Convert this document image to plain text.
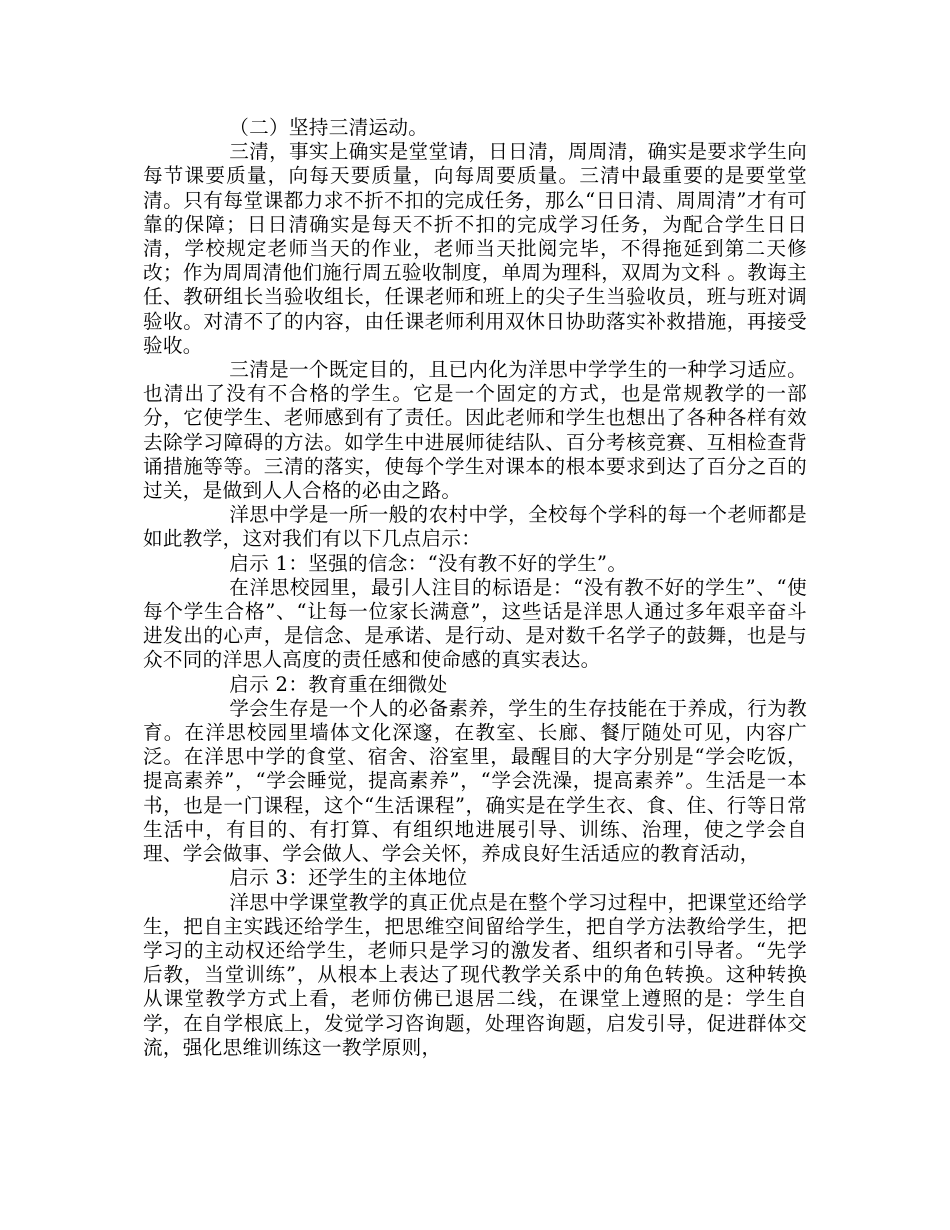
（二）坚持三清运动。

三清，事实上确实是堂堂请，日日清，周周清，确实是要求学生向每节课要质量，向每天要质量，向每周要质量。三清中最重要的是要堂堂清。只有每堂课都力求不折不扣的完成任务，那么“日日清、周周清”才有可靠的保障；日日清确实是每天不折不扣的完成学习任务，为配合学生日日清，学校规定老师当天的作业，老师当天批阅完毕，不得拖延到第二天修改；作为周周清他们施行周五验收制度，单周为理科，双周为文科 。教诲主任、教研组长当验收组长，任课老师和班上的尖子生当验收员，班与班对调验收。对清不了的内容，由任课老师利用双休日协助落实补救措施，再接受验收。

三清是一个既定目的，且已内化为洋思中学学生的一种学习适应。也清出了没有不合格的学生。它是一个固定的方式，也是常规教学的一部分，它使学生、老师感到有了责任。因此老师和学生也想出了各种各样有效去除学习障碍的方法。如学生中进展师徒结队、百分考核竞赛、互相检查背诵措施等等。三清的落实，使每个学生对课本的根本要求到达了百分之百的过关，是做到人人合格的必由之路。

洋思中学是一所一般的农村中学，全校每个学科的每一个老师都是如此教学，这对我们有以下几点启示：

启示 1：坚强的信念：“没有教不好的学生”。

在洋思校园里，最引人注目的标语是：“没有教不好的学生”、“使每个学生合格”、“让每一位家长满意”，这些话是洋思人通过多年艰辛奋斗进发出的心声，是信念、是承诺、是行动、是对数千名学子的鼓舞，也是与众不同的洋思人高度的责任感和使命感的真实表达。

启示 2：教育重在细微处

学会生存是一个人的必备素养，学生的生存技能在于养成，行为教育。在洋思校园里墙体文化深邃，在教室、长廊、餐厅随处可见，内容广泛。在洋思中学的食堂、宿舍、浴室里，最醒目的大字分别是“学会吃饭，提高素养”，“学会睡觉，提高素养”，“学会洗澡，提高素养”。生活是一本书，也是一门课程，这个“生活课程”，确实是在学生衣、食、住、行等日常生活中，有目的、有打算、有组织地进展引导、训练、治理，使之学会自理、学会做事、学会做人、学会关怀，养成良好生活适应的教育活动，

启示 3：还学生的主体地位

洋思中学课堂教学的真正优点是在整个学习过程中，把课堂还给学生，把自主实践还给学生，把思维空间留给学生，把自学方法教给学生，把学习的主动权还给学生，老师只是学习的激发者、组织者和引导者。“先学后教，当堂训练”，从根本上表达了现代教学关系中的角色转换。这种转换从课堂教学方式上看，老师仿佛已退居二线，在课堂上遵照的是：学生自学，在自学根底上，发觉学习咨询题，处理咨询题，启发引导，促进群体交流，强化思维训练这一教学原则，
